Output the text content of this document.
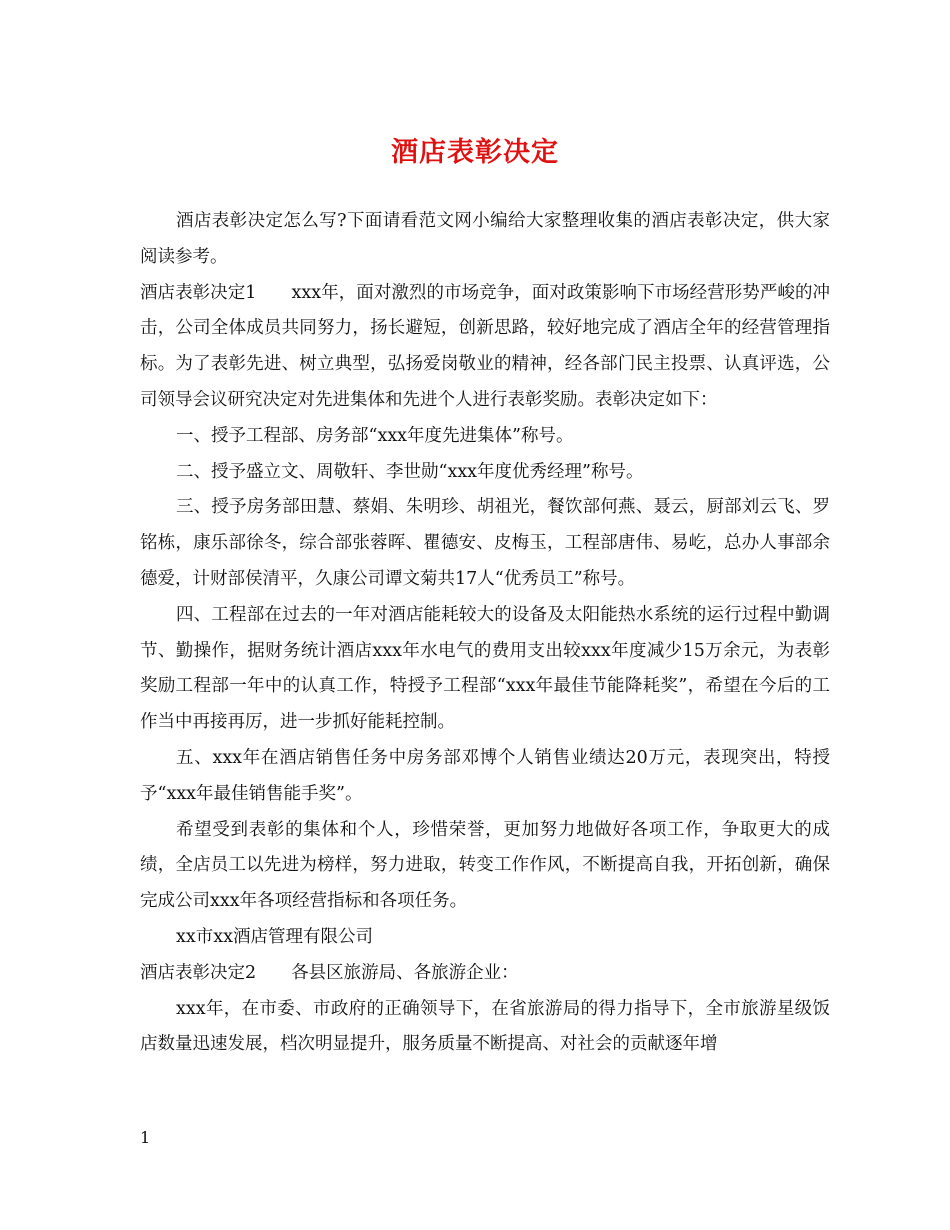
酒店表彰决定

酒店表彰决定怎么写?下面请看范文网小编给大家整理收集的酒店表彰决定，供大家阅读参考。

酒店表彰决定1　　xxx年，面对激烈的市场竞争，面对政策影响下市场经营形势严峻的冲击，公司全体成员共同努力，扬长避短，创新思路，较好地完成了酒店全年的经营管理指标。为了表彰先进、树立典型，弘扬爱岗敬业的精神，经各部门民主投票、认真评选，公司领导会议研究决定对先进集体和先进个人进行表彰奖励。表彰决定如下：

一、授予工程部、房务部“xxx年度先进集体”称号。

二、授予盛立文、周敬轩、李世勋“xxx年度优秀经理”称号。

三、授予房务部田慧、蔡娟、朱明珍、胡祖光，餐饮部何燕、聂云，厨部刘云飞、罗铭栋，康乐部徐冬，综合部张蓉晖、瞿德安、皮梅玉，工程部唐伟、易屹，总办人事部余德爱，计财部侯清平，久康公司谭文菊共17人“优秀员工”称号。

四、工程部在过去的一年对酒店能耗较大的设备及太阳能热水系统的运行过程中勤调节、勤操作，据财务统计酒店xxx年水电气的费用支出较xxx年度减少15万余元，为表彰奖励工程部一年中的认真工作，特授予工程部“xxx年最佳节能降耗奖”，希望在今后的工作当中再接再厉，进一步抓好能耗控制。

五、xxx年在酒店销售任务中房务部邓博个人销售业绩达20万元，表现突出，特授予“xxx年最佳销售能手奖”。

希望受到表彰的集体和个人，珍惜荣誉，更加努力地做好各项工作，争取更大的成绩，全店员工以先进为榜样，努力进取，转变工作作风，不断提高自我，开拓创新，确保完成公司xxx年各项经营指标和各项任务。

xx市xx酒店管理有限公司

酒店表彰决定2　　各县区旅游局、各旅游企业：

xxx年，在市委、市政府的正确领导下，在省旅游局的得力指导下，全市旅游星级饭店数量迅速发展，档次明显提升，服务质量不断提高、对社会的贡献逐年增

1
